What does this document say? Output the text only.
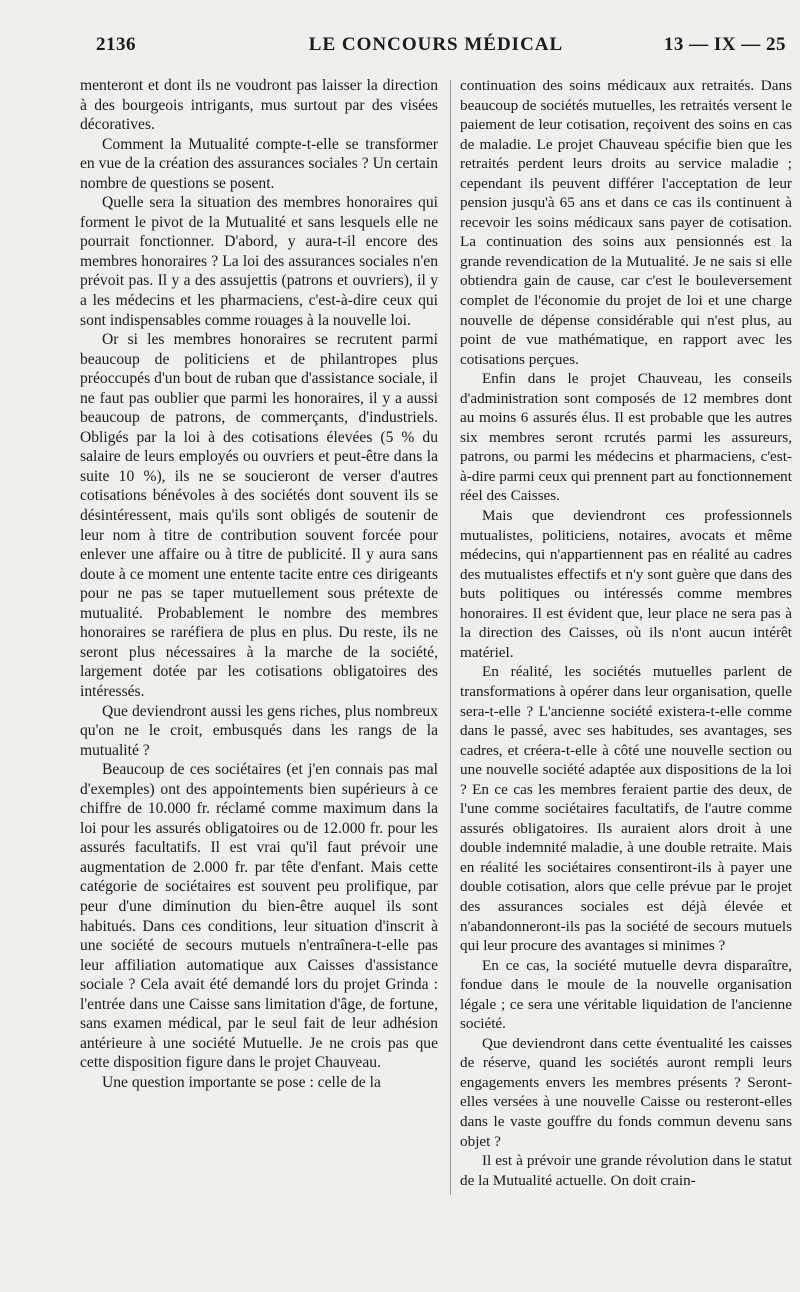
2136	LE CONCOURS MÉDICAL	13 — IX — 25

menteront et dont ils ne voudront pas laisser la direction à des bourgeois intrigants, mus surtout par des visées décoratives.

Comment la Mutualité compte-t-elle se transformer en vue de la création des assurances sociales ? Un certain nombre de questions se posent.

Quelle sera la situation des membres honoraires qui forment le pivot de la Mutualité et sans lesquels elle ne pourrait fonctionner. D'abord, y aura-t-il encore des membres honoraires ? La loi des assurances sociales n'en prévoit pas. Il y a des assujettis (patrons et ouvriers), il y a les médecins et les pharmaciens, c'est-à-dire ceux qui sont indispensables comme rouages à la nouvelle loi.

Or si les membres honoraires se recrutent parmi beaucoup de politiciens et de philantropes plus préoccupés d'un bout de ruban que d'assistance sociale, il ne faut pas oublier que parmi les honoraires, il y a aussi beaucoup de patrons, de commerçants, d'industriels. Obligés par la loi à des cotisations élevées (5 % du salaire de leurs employés ou ouvriers et peut-être dans la suite 10 %), ils ne se soucieront de verser d'autres cotisations bénévoles à des sociétés dont souvent ils se désintéressent, mais qu'ils sont obligés de soutenir de leur nom à titre de contribution souvent forcée pour enlever une affaire ou à titre de publicité. Il y aura sans doute à ce moment une entente tacite entre ces dirigeants pour ne pas se taper mutuellement sous prétexte de mutualité. Probablement le nombre des membres honoraires se raréfiera de plus en plus. Du reste, ils ne seront plus nécessaires à la marche de la société, largement dotée par les cotisations obligatoires des intéressés.

Que deviendront aussi les gens riches, plus nombreux qu'on ne le croit, embusqués dans les rangs de la mutualité ?

Beaucoup de ces sociétaires (et j'en connais pas mal d'exemples) ont des appointements bien supérieurs à ce chiffre de 10.000 fr. réclamé comme maximum dans la loi pour les assurés obligatoires ou de 12.000 fr. pour les assurés facultatifs. Il est vrai qu'il faut prévoir une augmentation de 2.000 fr. par tête d'enfant. Mais cette catégorie de sociétaires est souvent peu prolifique, par peur d'une diminution du bien-être auquel ils sont habitués. Dans ces conditions, leur situation d'inscrit à une société de secours mutuels n'entraînera-t-elle pas leur affiliation automatique aux Caisses d'assistance sociale ? Cela avait été demandé lors du projet Grinda : l'entrée dans une Caisse sans limitation d'âge, de fortune, sans examen médical, par le seul fait de leur adhésion antérieure à une société Mutuelle. Je ne crois pas que cette disposition figure dans le projet Chauveau.

Une question importante se pose : celle de la

continuation des soins médicaux aux retraités. Dans beaucoup de sociétés mutuelles, les retraités versent le paiement de leur cotisation, reçoivent des soins en cas de maladie. Le projet Chauveau spécifie bien que les retraités perdent leurs droits au service maladie ; cependant ils peuvent différer l'acceptation de leur pension jusqu'à 65 ans et dans ce cas ils continuent à recevoir les soins médicaux sans payer de cotisation. La continuation des soins aux pensionnés est la grande revendication de la Mutualité. Je ne sais si elle obtiendra gain de cause, car c'est le bouleversement complet de l'économie du projet de loi et une charge nouvelle de dépense considérable qui n'est plus, au point de vue mathématique, en rapport avec les cotisations perçues.

Enfin dans le projet Chauveau, les conseils d'administration sont composés de 12 membres dont au moins 6 assurés élus. Il est probable que les autres six membres seront rcrutés parmi les assureurs, patrons, ou parmi les médecins et pharmaciens, c'est-à-dire parmi ceux qui prennent part au fonctionnement réel des Caisses.

Mais que deviendront ces professionnels mutualistes, politiciens, notaires, avocats et même médecins, qui n'appartiennent pas en réalité au cadres des mutualistes effectifs et n'y sont guère que dans des buts politiques ou intéressés comme membres honoraires. Il est évident que, leur place ne sera pas à la direction des Caisses, où ils n'ont aucun intérêt matériel.

En réalité, les sociétés mutuelles parlent de transformations à opérer dans leur organisation, quelle sera-t-elle ? L'ancienne société existera-t-elle comme dans le passé, avec ses habitudes, ses avantages, ses cadres, et créera-t-elle à côté une nouvelle section ou une nouvelle société adaptée aux dispositions de la loi ? En ce cas les membres feraient partie des deux, de l'une comme sociétaires facultatifs, de l'autre comme assurés obligatoires. Ils auraient alors droit à une double indemnité maladie, à une double retraite. Mais en réalité les sociétaires consentiront-ils à payer une double cotisation, alors que celle prévue par le projet des assurances sociales est déjà élevée et n'abandonneront-ils pas la société de secours mutuels qui leur procure des avantages si minimes ?

En ce cas, la société mutuelle devra disparaître, fondue dans le moule de la nouvelle organisation légale ; ce sera une véritable liquidation de l'ancienne société.

Que deviendront dans cette éventualité les caisses de réserve, quand les sociétés auront rempli leurs engagements envers les membres présents ? Seront-elles versées à une nouvelle Caisse ou resteront-elles dans le vaste gouffre du fonds commun devenu sans objet ?

Il est à prévoir une grande révolution dans le statut de la Mutualité actuelle. On doit crain-
